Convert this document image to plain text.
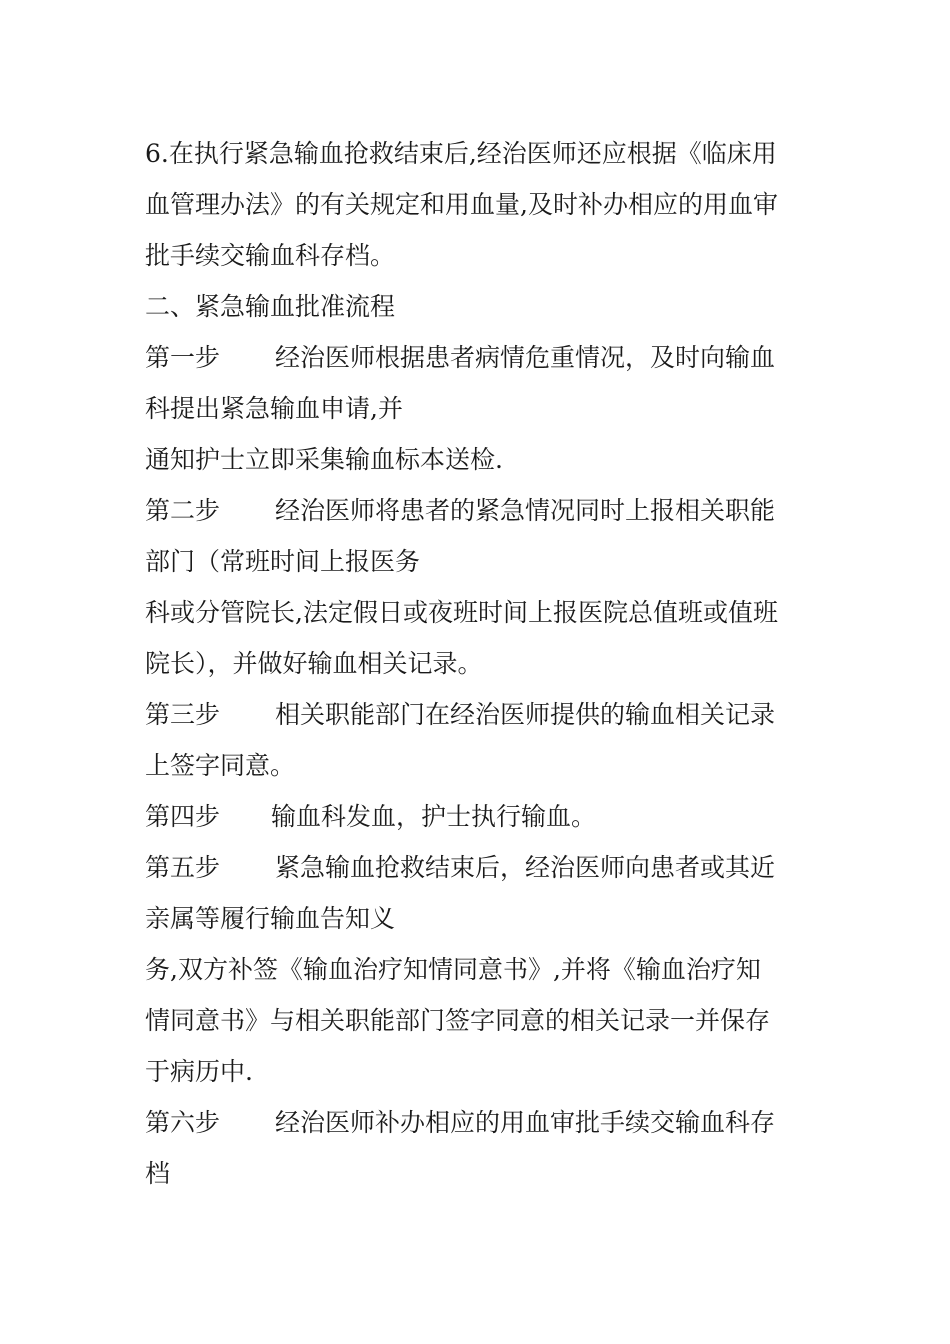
6.在执行紧急输血抢救结束后,经治医师还应根据《临床用
血管理办法》的有关规定和用血量,及时补办相应的用血审
批手续交输血科存档。
二、紧急输血批准流程
第一步 经治医师根据患者病情危重情况，及时向输血
科提出紧急输血申请,并
通知护士立即采集输血标本送检.
第二步 经治医师将患者的紧急情况同时上报相关职能
部门（常班时间上报医务
科或分管院长,法定假日或夜班时间上报医院总值班或值班
院长），并做好输血相关记录。
第三步 相关职能部门在经治医师提供的输血相关记录
上签字同意。
第四步 输血科发血，护士执行输血。
第五步 紧急输血抢救结束后，经治医师向患者或其近
亲属等履行输血告知义
务,双方补签《输血治疗知情同意书》,并将《输血治疗知
情同意书》与相关职能部门签字同意的相关记录一并保存
于病历中.
第六步 经治医师补办相应的用血审批手续交输血科存
档
